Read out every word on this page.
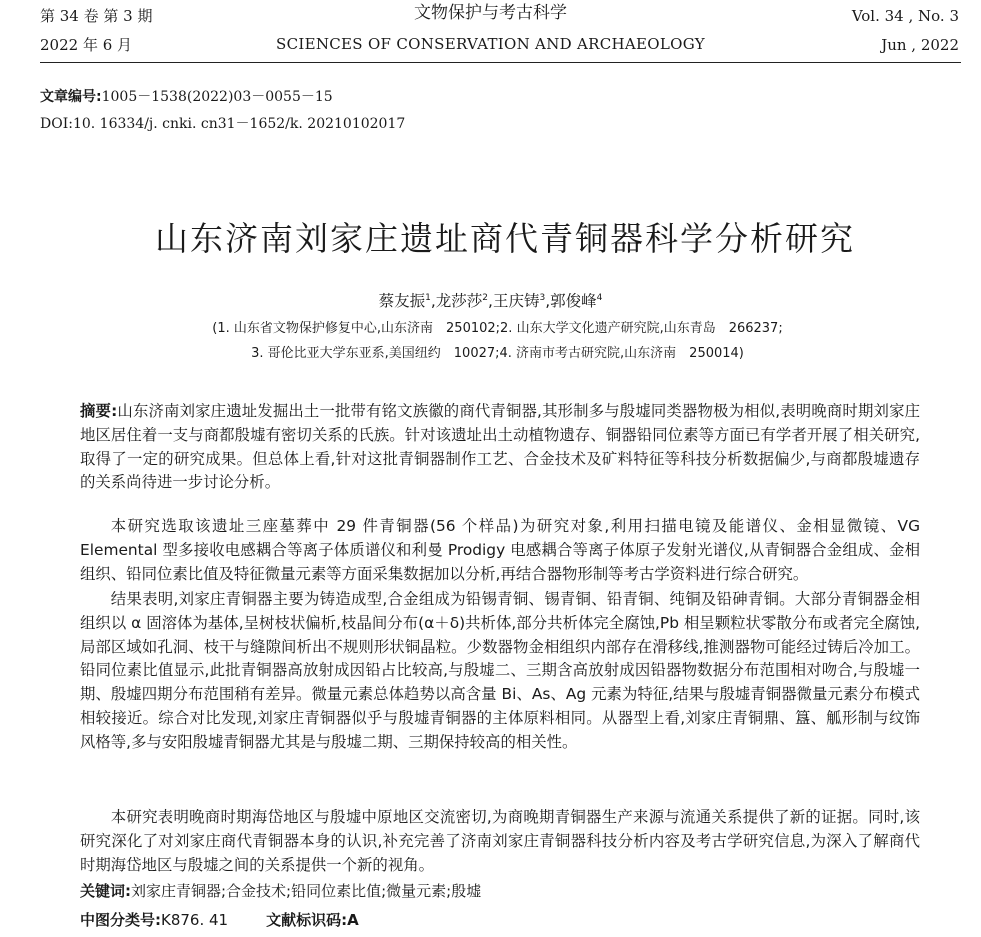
第 34 卷 第 3 期
2022 年 6 月
文物保护与考古科学
SCIENCES OF CONSERVATION AND ARCHAEOLOGY
Vol. 34 , No. 3
Jun , 2022
文章编号:1005－1538(2022)03－0055－15
DOI:10. 16334/j. cnki. cn31－1652/k. 20210102017
山东济南刘家庄遗址商代青铜器科学分析研究
蔡友振$^1$,龙莎莎$^2$,王庆铸$^3$,郭俊峰$^4$
(1. 山东省文物保护修复中心,山东济南　250102;2. 山东大学文化遗产研究院,山东青岛　266237;
3. 哥伦比亚大学东亚系,美国纽约　10027;4. 济南市考古研究院,山东济南　250014)
摘要:山东济南刘家庄遗址发掘出土一批带有铭文族徽的商代青铜器,其形制多与殷墟同类器物极为相似,表明晚商时期刘家庄地区居住着一支与商都殷墟有密切关系的氏族。针对该遗址出土动植物遗存、铜器铅同位素等方面已有学者开展了相关研究,取得了一定的研究成果。但总体上看,针对这批青铜器制作工艺、合金技术及矿料特征等科技分析数据偏少,与商都殷墟遗存的关系尚待进一步讨论分析。
本研究选取该遗址三座墓葬中 29 件青铜器(56 个样品)为研究对象,利用扫描电镜及能谱仪、金相显微镜、VG Elemental 型多接收电感耦合等离子体质谱仪和利曼 Prodigy 电感耦合等离子体原子发射光谱仪,从青铜器合金组成、金相组织、铅同位素比值及特征微量元素等方面采集数据加以分析,再结合器物形制等考古学资料进行综合研究。
结果表明,刘家庄青铜器主要为铸造成型,合金组成为铅锡青铜、锡青铜、铅青铜、纯铜及铅砷青铜。大部分青铜器金相组织以 α 固溶体为基体,呈树枝状偏析,枝晶间分布(α＋δ)共析体,部分共析体完全腐蚀,Pb 相呈颗粒状零散分布或者完全腐蚀,局部区域如孔洞、枝干与缝隙间析出不规则形状铜晶粒。少数器物金相组织内部存在滑移线,推测器物可能经过铸后冷加工。铅同位素比值显示,此批青铜器高放射成因铅占比较高,与殷墟二、三期含高放射成因铅器物数据分布范围相对吻合,与殷墟一期、殷墟四期分布范围稍有差异。微量元素总体趋势以高含量 Bi、As、Ag 元素为特征,结果与殷墟青铜器微量元素分布模式相较接近。综合对比发现,刘家庄青铜器似乎与殷墟青铜器的主体原料相同。从器型上看,刘家庄青铜鼎、簋、觚形制与纹饰风格等,多与安阳殷墟青铜器尤其是与殷墟二期、三期保持较高的相关性。
本研究表明晚商时期海岱地区与殷墟中原地区交流密切,为商晚期青铜器生产来源与流通关系提供了新的证据。同时,该研究深化了对刘家庄商代青铜器本身的认识,补充完善了济南刘家庄青铜器科技分析内容及考古学研究信息,为深入了解商代时期海岱地区与殷墟之间的关系提供一个新的视角。
关键词:刘家庄青铜器;合金技术;铅同位素比值;微量元素;殷墟
中图分类号:K876. 41	文献标识码:A
